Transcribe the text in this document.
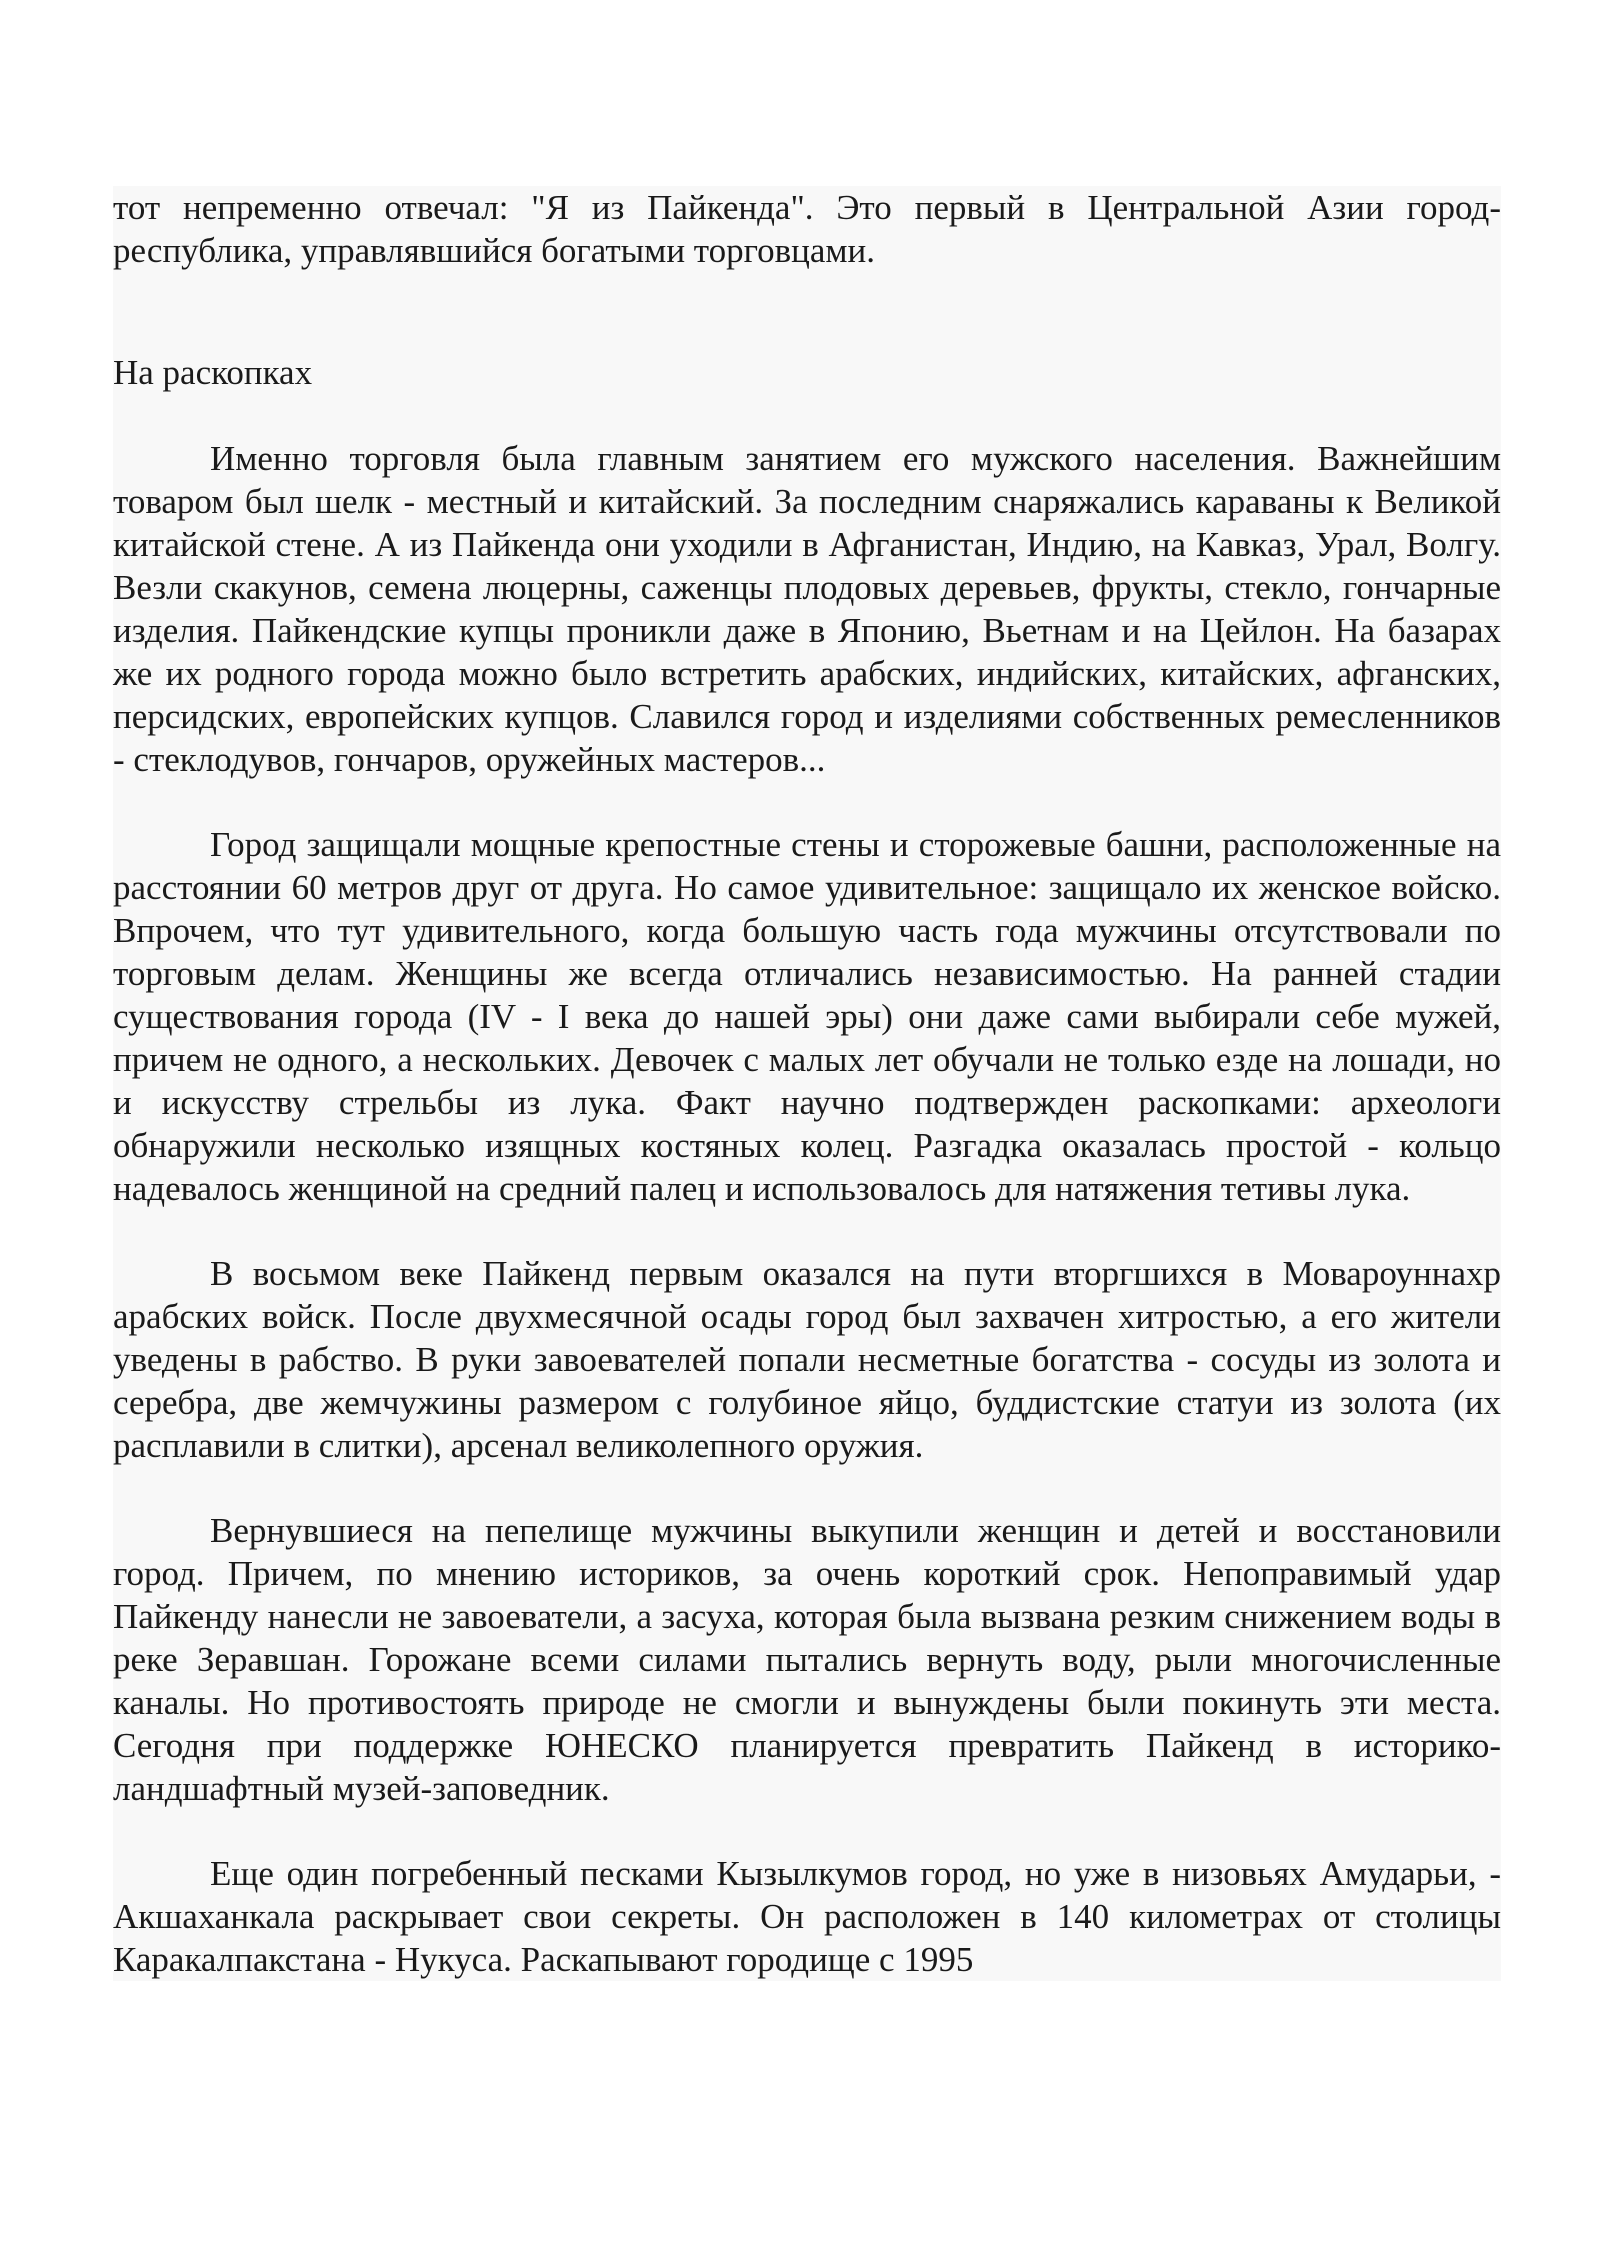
тот непременно отвечал: "Я из Пайкенда". Это первый в Центральной Азии город-республика, управлявшийся богатыми торговцами.

На раскопках

Именно торговля была главным занятием его мужского населения. Важнейшим товаром был шелк - местный и китайский. За последним снаряжались караваны к Великой китайской стене. А из Пайкенда они уходили в Афганистан, Индию, на Кавказ, Урал, Волгу. Везли скакунов, семена люцерны, саженцы плодовых деревьев, фрукты, стекло, гончарные изделия. Пайкендские купцы проникли даже в Японию, Вьетнам и на Цейлон. На базарах же их родного города можно было встретить арабских, индийских, китайских, афганских, персидских, европейских купцов. Славился город и изделиями собственных ремесленников - стеклодувов, гончаров, оружейных мастеров...

Город защищали мощные крепостные стены и сторожевые башни, расположенные на расстоянии 60 метров друг от друга. Но самое удивительное: защищало их женское войско. Впрочем, что тут удивительного, когда большую часть года мужчины отсутствовали по торговым делам. Женщины же всегда отличались независимостью. На ранней стадии существования города (IV - I века до нашей эры) они даже сами выбирали себе мужей, причем не одного, а нескольких. Девочек с малых лет обучали не только езде на лошади, но и искусству стрельбы из лука. Факт научно подтвержден раскопками: археологи обнаружили несколько изящных костяных колец. Разгадка оказалась простой - кольцо надевалось женщиной на средний палец и использовалось для натяжения тетивы лука.

В восьмом веке Пайкенд первым оказался на пути вторгшихся в Мовароуннахр арабских войск. После двухмесячной осады город был захвачен хитростью, а его жители уведены в рабство. В руки завоевателей попали несметные богатства - сосуды из золота и серебра, две жемчужины размером с голубиное яйцо, буддистские статуи из золота (их расплавили в слитки), арсенал великолепного оружия.

Вернувшиеся на пепелище мужчины выкупили женщин и детей и восстановили город. Причем, по мнению историков, за очень короткий срок. Непоправимый удар Пайкенду нанесли не завоеватели, а засуха, которая была вызвана резким снижением воды в реке Зеравшан. Горожане всеми силами пытались вернуть воду, рыли многочисленные каналы. Но противостоять природе не смогли и вынуждены были покинуть эти места. Сегодня при поддержке ЮНЕСКО планируется превратить Пайкенд в историко-ландшафтный музей-заповедник.

Еще один погребенный песками Кызылкумов город, но уже в низовьях Амударьи, - Акшаханкала раскрывает свои секреты. Он расположен в 140 километрах от столицы Каракалпакстана - Нукуса. Раскапывают городище с 1995
